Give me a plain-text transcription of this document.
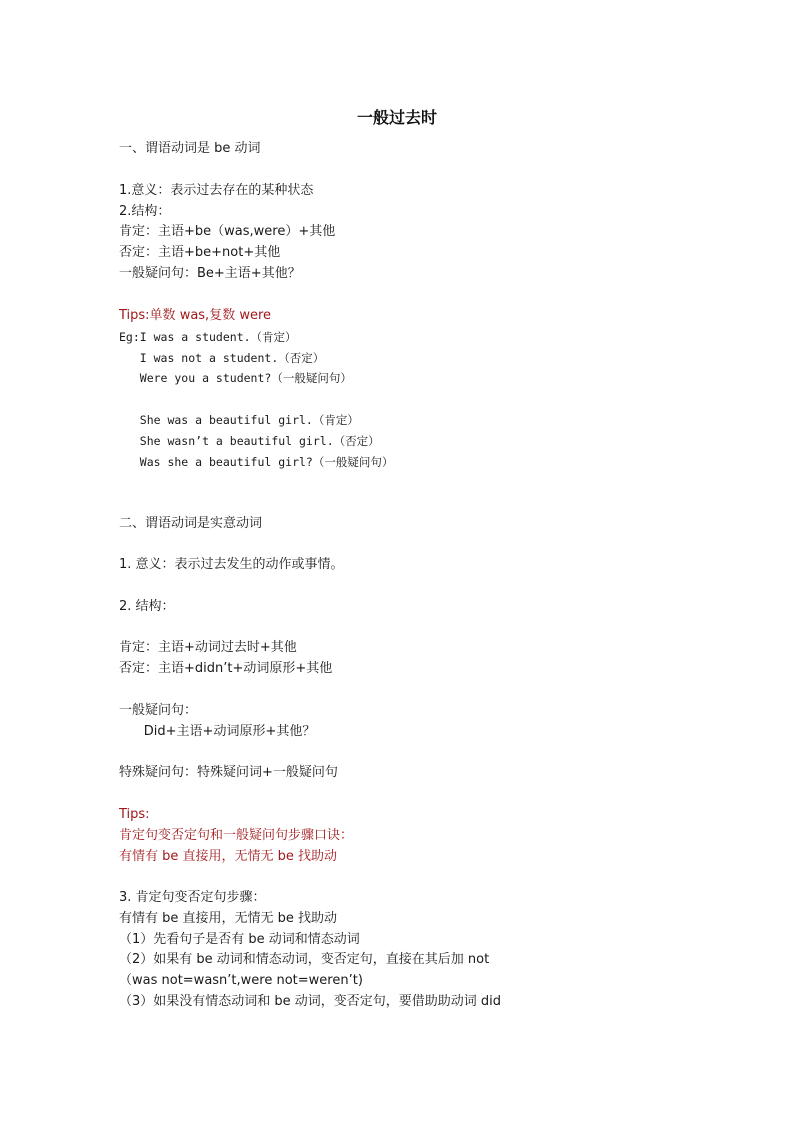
一般过去时
一、谓语动词是 be 动词
1.意义：表示过去存在的某种状态
2.结构：
肯定：主语+be（was,were）+其他
否定：主语+be+not+其他
一般疑问句：Be+主语+其他？
Tips:单数 was,复数 were
Eg:I was a student.（肯定）
I was not a student.（否定）
Were you a student?（一般疑问句）
She was a beautiful girl.（肯定）
She wasn’t a beautiful girl.（否定）
Was she a beautiful girl?（一般疑问句）
二、谓语动词是实意动词
1. 意义：表示过去发生的动作或事情。
2. 结构：
肯定：主语+动词过去时+其他
否定：主语+didn’t+动词原形+其他
一般疑问句：
Did+主语+动词原形+其他？
特殊疑问句：特殊疑问词+一般疑问句
Tips:
肯定句变否定句和一般疑问句步骤口诀：
有情有 be 直接用，无情无 be 找助动
3. 肯定句变否定句步骤：
有情有 be 直接用，无情无 be 找助动
（1）先看句子是否有 be 动词和情态动词
（2）如果有 be 动词和情态动词，变否定句，直接在其后加 not
（was not=wasn’t,were not=weren’t)
（3）如果没有情态动词和 be 动词，变否定句，要借助助动词 did
